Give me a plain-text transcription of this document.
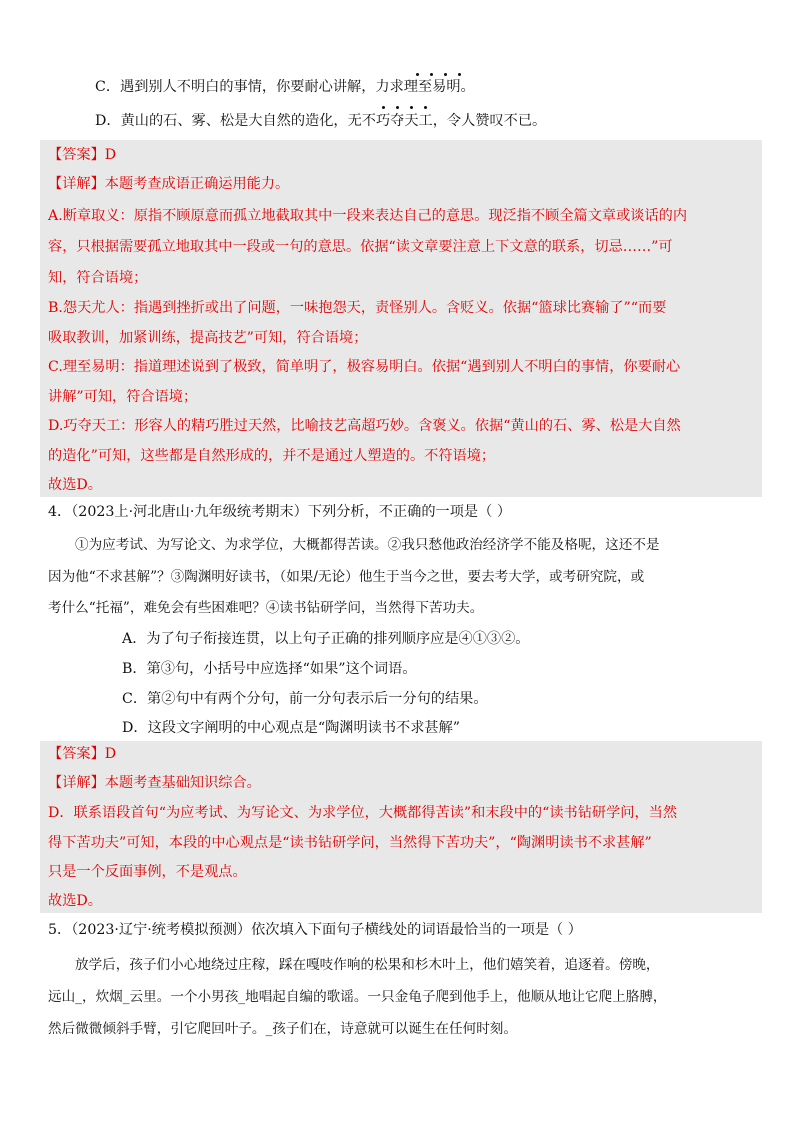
C．遇到别人不明白的事情，你要耐心讲解，力求理至易明。
D．黄山的石、雾、松是大自然的造化，无不巧夺天工，令人赞叹不已。
【答案】D
【详解】本题考查成语正确运用能力。
A.断章取义：原指不顾原意而孤立地截取其中一段来表达自己的意思。现泛指不顾全篇文章或谈话的内
容，只根据需要孤立地取其中一段或一句的意思。依据“读文章要注意上下文意的联系，切忌……”可
知，符合语境；
B.怨天尤人：指遇到挫折或出了问题，一味抱怨天，责怪别人。含贬义。依据“篮球比赛输了”“而要
吸取教训，加紧训练，提高技艺”可知，符合语境；
C.理至易明：指道理述说到了极致，简单明了，极容易明白。依据“遇到别人不明白的事情，你要耐心
讲解”可知，符合语境；
D.巧夺天工：形容人的精巧胜过天然，比喻技艺高超巧妙。含褒义。依据“黄山的石、雾、松是大自然
的造化”可知，这些都是自然形成的，并不是通过人塑造的。不符语境；
故选D。
4．（2023上·河北唐山·九年级统考期末）下列分析，不正确的一项是（ ）
①为应考试、为写论文、为求学位，大概都得苦读。②我只愁他政治经济学不能及格呢，这还不是
因为他“不求甚解”？③陶渊明好读书，（如果/无论）他生于当今之世，要去考大学，或考研究院，或
考什么“托福”，难免会有些困难吧？④读书钻研学问，当然得下苦功夫。
A．为了句子衔接连贯，以上句子正确的排列顺序应是④①③②。
B．第③句，小括号中应选择“如果”这个词语。
C．第②句中有两个分句，前一分句表示后一分句的结果。
D．这段文字阐明的中心观点是“陶渊明读书不求甚解”
【答案】D
【详解】本题考查基础知识综合。
D．联系语段首句“为应考试、为写论文、为求学位，大概都得苦读”和末段中的“读书钻研学问，当然
得下苦功夫”可知，本段的中心观点是“读书钻研学问，当然得下苦功夫”，“陶渊明读书不求甚解”
只是一个反面事例，不是观点。
故选D。
5．（2023·辽宁·统考模拟预测）依次填入下面句子横线处的词语最恰当的一项是（ ）
放学后，孩子们小心地绕过庄稼，踩在嘎吱作响的松果和杉木叶上，他们嬉笑着，追逐着。傍晚，
远山_，炊烟_云里。一个小男孩_地唱起自编的歌谣。一只金龟子爬到他手上，他顺从地让它爬上胳膊，
然后微微倾斜手臂，引它爬回叶子。_孩子们在，诗意就可以诞生在任何时刻。
